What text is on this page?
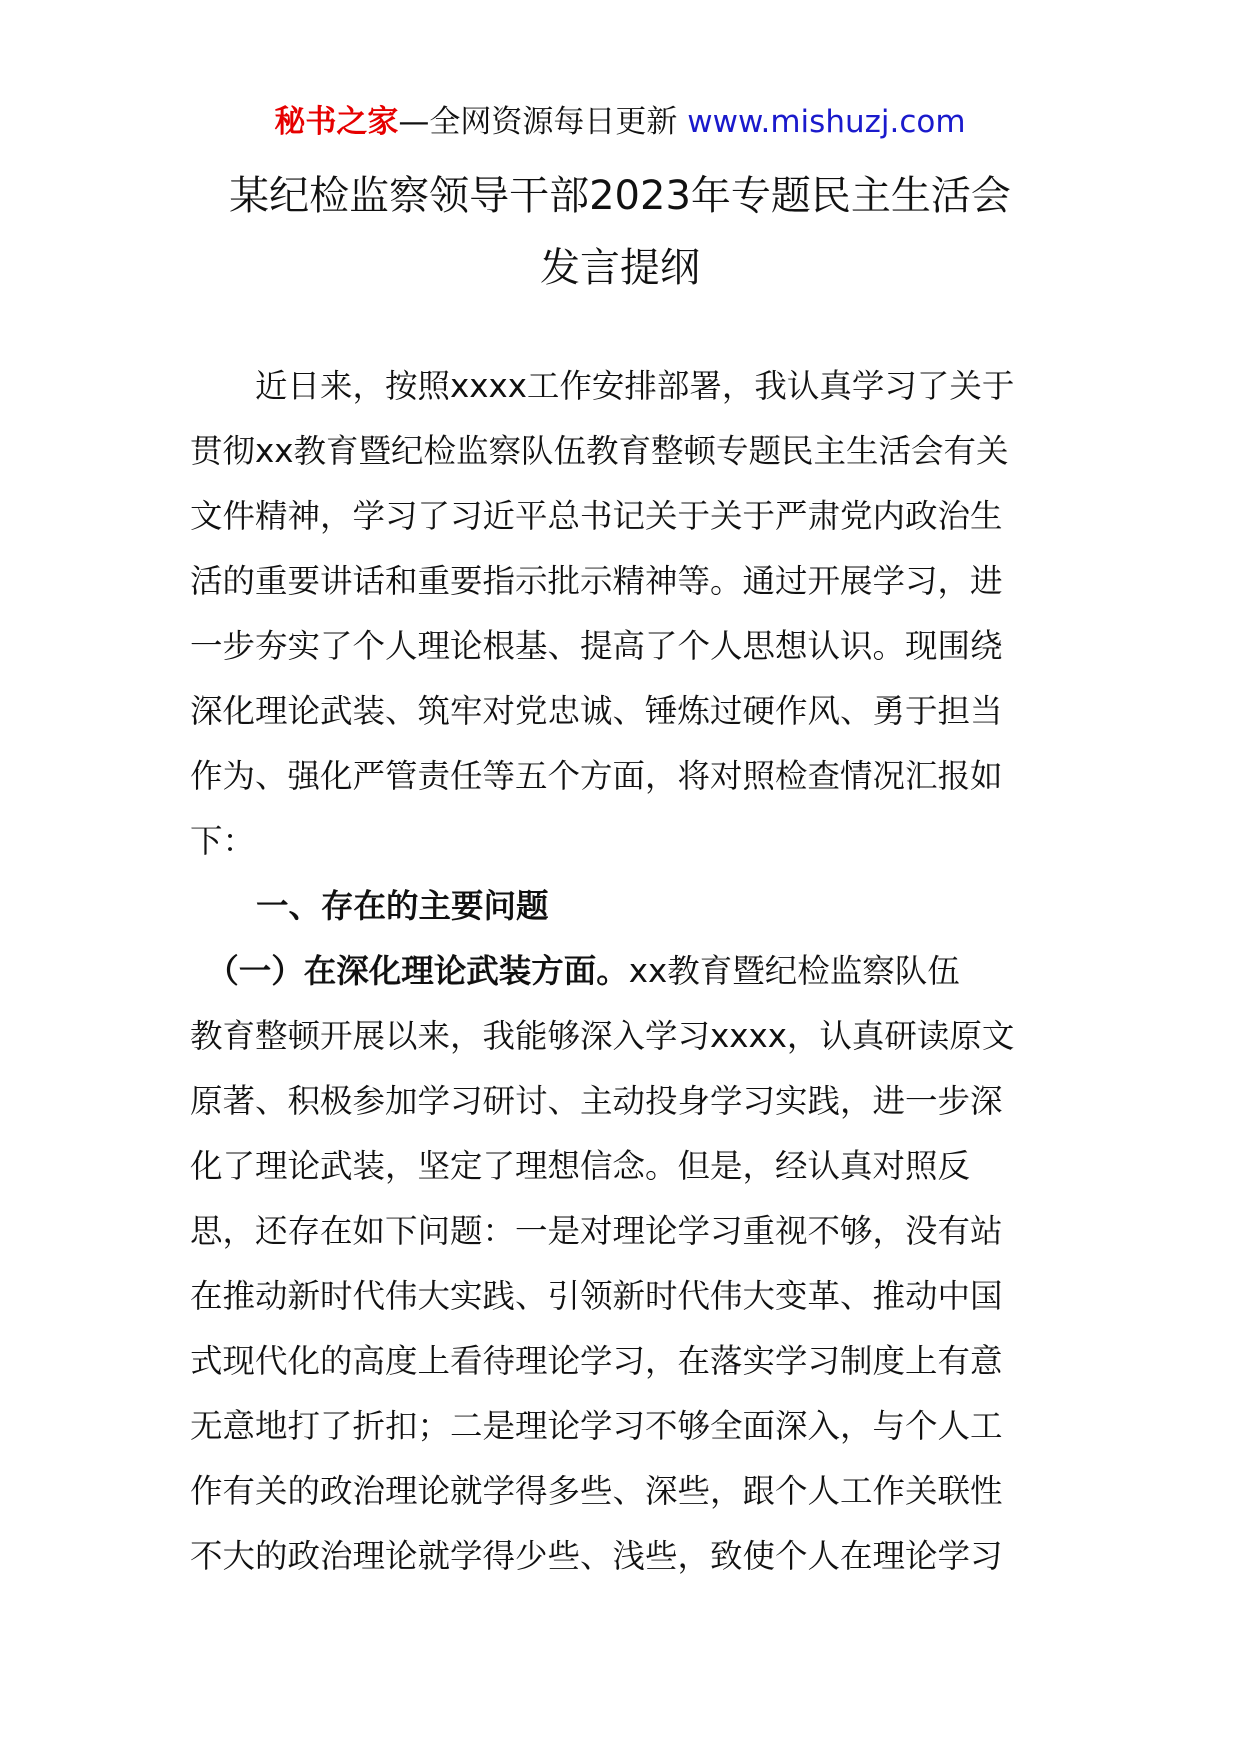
秘书之家—全网资源每日更新 www.mishuzj.com
某纪检监察领导干部2023年专题民主生活会
发言提纲
　　近日来，按照xxxx工作安排部署，我认真学习了关于
贯彻xx教育暨纪检监察队伍教育整顿专题民主生活会有关
文件精神，学习了习近平总书记关于关于严肃党内政治生
活的重要讲话和重要指示批示精神等。通过开展学习，进
一步夯实了个人理论根基、提高了个人思想认识。现围绕
深化理论武装、筑牢对党忠诚、锤炼过硬作风、勇于担当
作为、强化严管责任等五个方面，将对照检查情况汇报如
下：
一、存在的主要问题
　（一）在深化理论武装方面。xx教育暨纪检监察队伍
教育整顿开展以来，我能够深入学习xxxx，认真研读原文
原著、积极参加学习研讨、主动投身学习实践，进一步深
化了理论武装，坚定了理想信念。但是，经认真对照反
思，还存在如下问题：一是对理论学习重视不够，没有站
在推动新时代伟大实践、引领新时代伟大变革、推动中国
式现代化的高度上看待理论学习，在落实学习制度上有意
无意地打了折扣；二是理论学习不够全面深入，与个人工
作有关的政治理论就学得多些、深些，跟个人工作关联性
不大的政治理论就学得少些、浅些，致使个人在理论学习
